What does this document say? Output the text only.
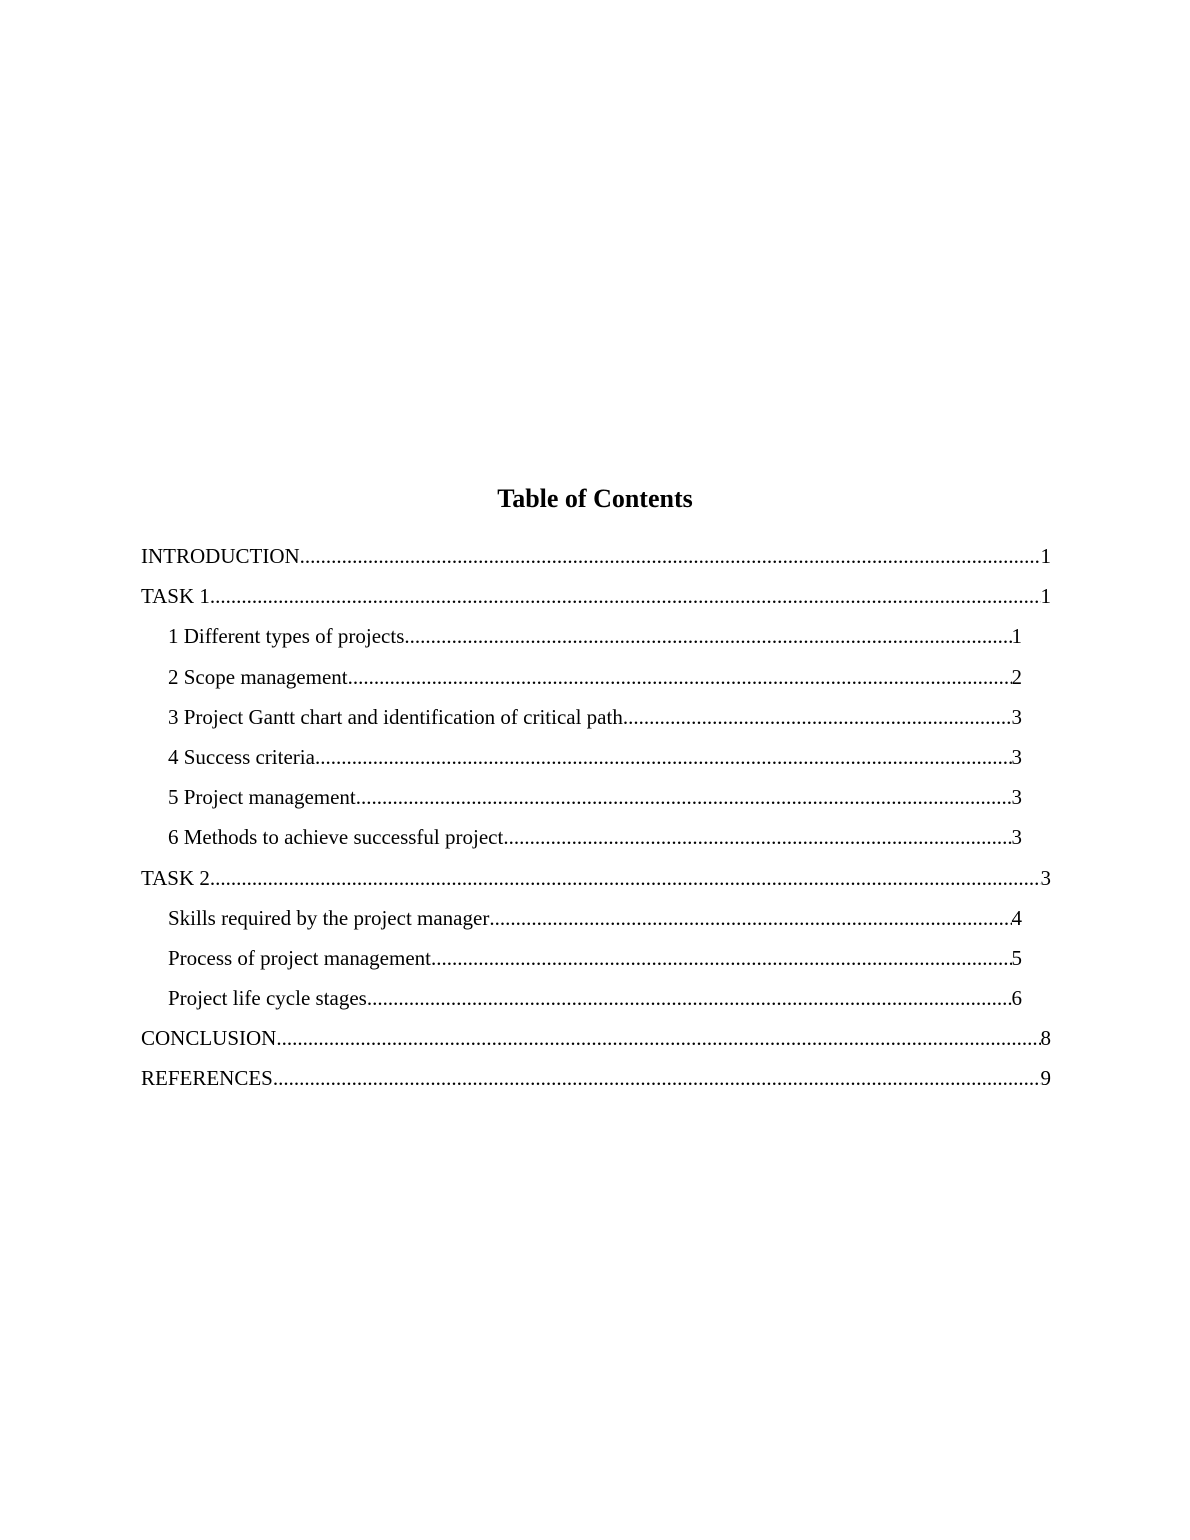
Table of Contents
INTRODUCTION .....	1
TASK 1 .....	1
1 Different types of projects .....	1
2 Scope management .....	2
3 Project Gantt chart and identification of critical path .....	3
4 Success criteria .....	3
5 Project management .....	3
6 Methods to achieve successful project .....	3
TASK 2 .....	3
Skills required by the project manager .....	4
Process of project management .....	5
Project life cycle stages .....	6
CONCLUSION .....	8
REFERENCES .....	9
